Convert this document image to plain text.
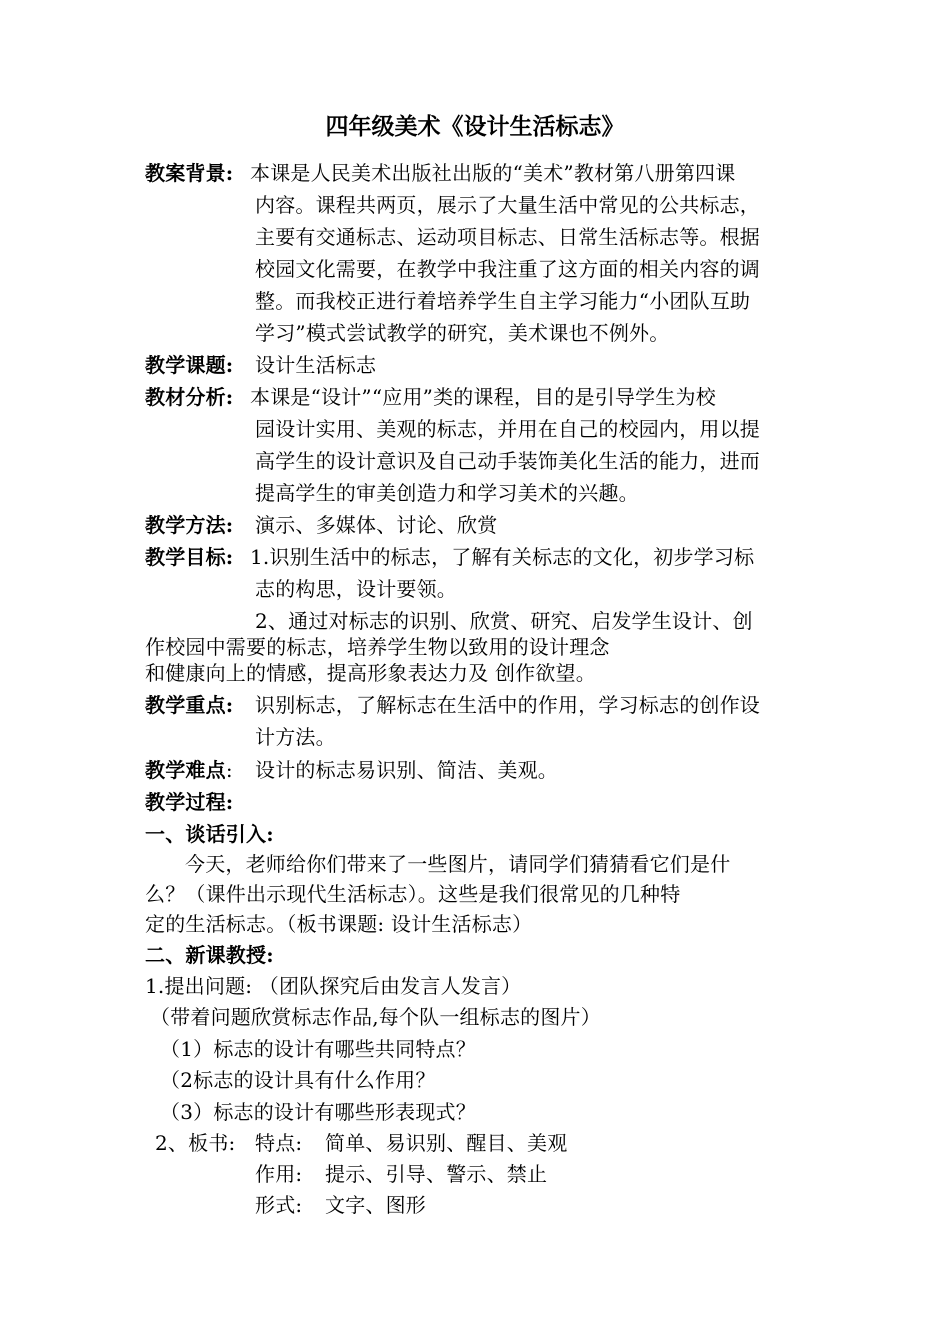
四年级美术《设计生活标志》
教案背景: 本课是人民美术出版社出版的“美术”教材第八册第四课
内容。课程共两页，展示了大量生活中常见的公共标志，
主要有交通标志、运动项目标志、日常生活标志等。根据
校园文化需要，在教学中我注重了这方面的相关内容的调
整。而我校正进行着培养学生自主学习能力“小团队互助
学习”模式尝试教学的研究，美术课也不例外。
教学课题: 设计生活标志
教材分析: 本课是“设计”“应用”类的课程，目的是引导学生为校
园设计实用、美观的标志，并用在自己的校园内，用以提
高学生的设计意识及自己动手装饰美化生活的能力，进而
提高学生的审美创造力和学习美术的兴趣。
教学方法: 演示、多媒体、讨论、欣赏
教学目标: 1.识别生活中的标志，了解有关标志的文化，初步学习标
志的构思，设计要领。
2、通过对标志的识别、欣赏、研究、启发学生设计、创
作校园中需要的标志，培养学生物以致用的设计理念
和健康向上的情感，提高形象表达力及 创作欲望。
教学重点: 识别标志，了解标志在生活中的作用，学习标志的创作设
计方法。
教学难点: 设计的标志易识别、简洁、美观。
教学过程:
一、谈话引入:
今天，老师给你们带来了一些图片，请同学们猜猜看它们是什
么？（课件出示现代生活标志）。这些是我们很常见的几种特
定的生活标志。（板书课题: 设计生活标志）
二、新课教授:
1.提出问题: （团队探究后由发言人发言）
（带着问题欣赏标志作品,每个队一组标志的图片）
（1）标志的设计有哪些共同特点？
（2标志的设计具有什么作用？
（3）标志的设计有哪些形表现式？
2、板书: 特点: 简单、易识别、醒目、美观
作用: 提示、引导、警示、禁止
形式: 文字、图形
